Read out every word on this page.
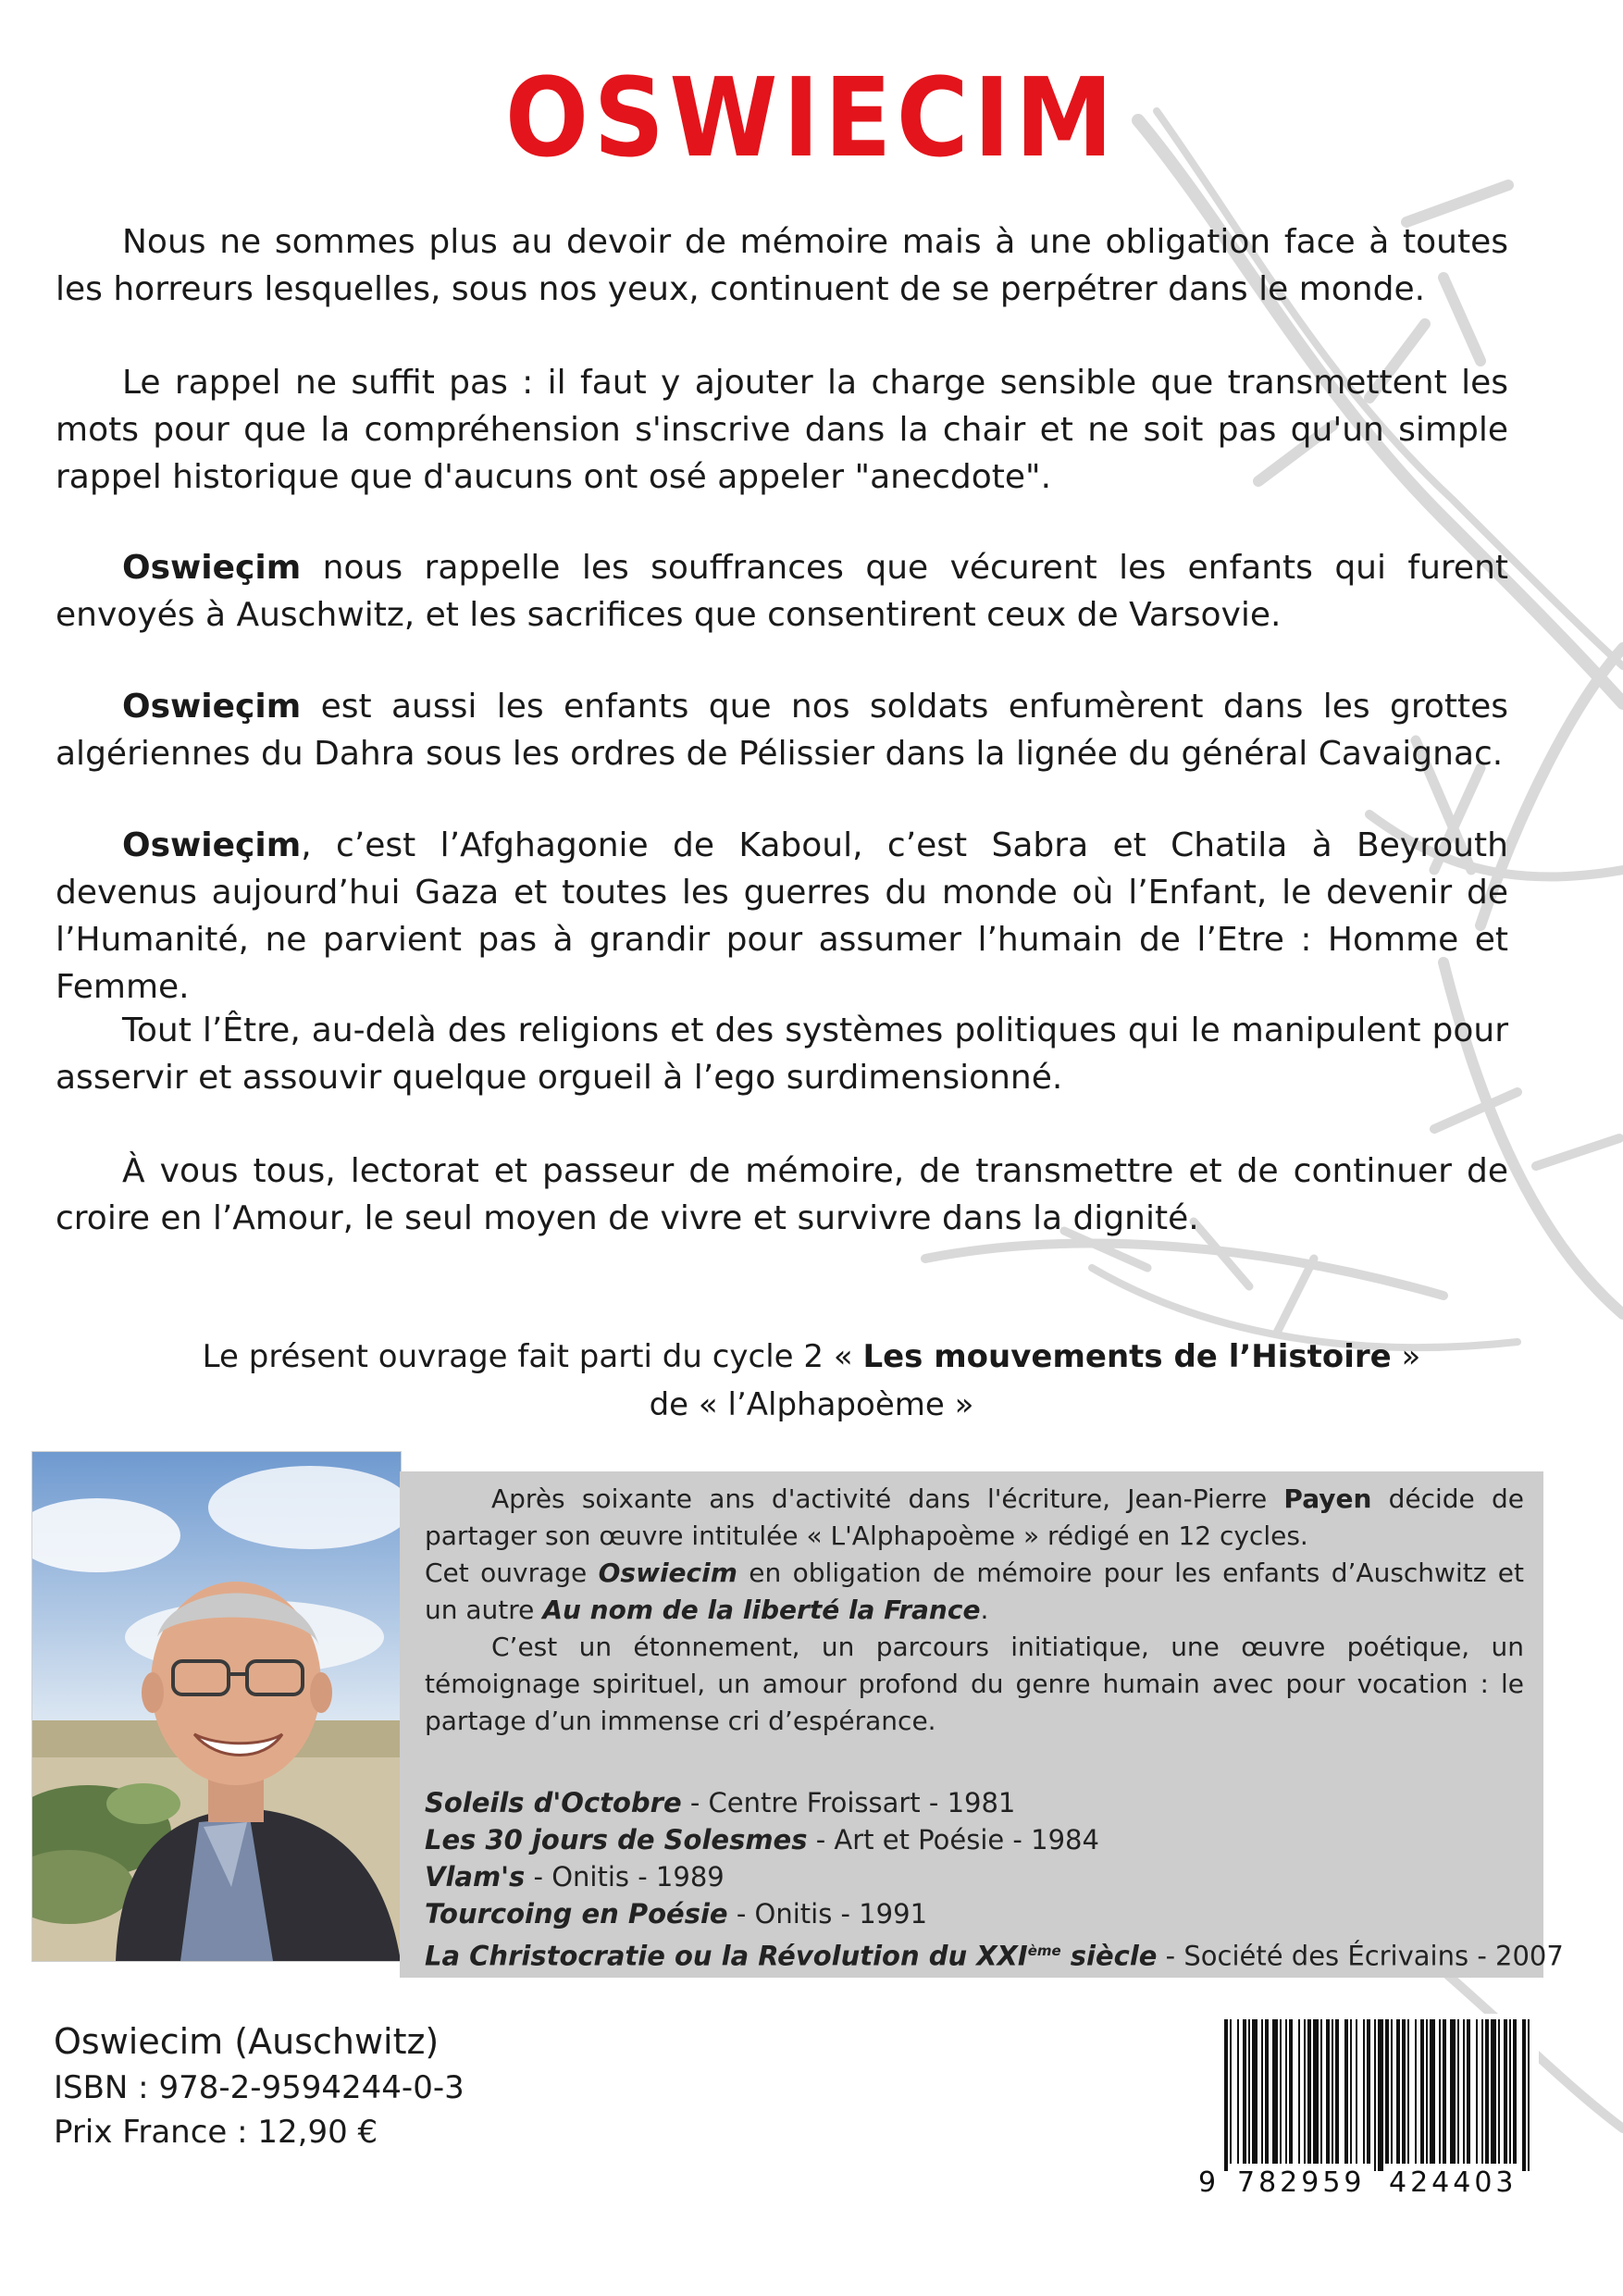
OSWIECIM

Nous ne sommes plus au devoir de mémoire mais à une obligation face à toutes les horreurs lesquelles, sous nos yeux, continuent de se perpétrer dans le monde.

Le rappel ne suffit pas : il faut y ajouter la charge sensible que transmettent les mots pour que la compréhension s'inscrive dans la chair et ne soit pas qu'un simple rappel historique que d'aucuns ont osé appeler "anecdote".

Oswieçim nous rappelle les souffrances que vécurent les enfants qui furent envoyés à Auschwitz, et les sacrifices que consentirent ceux de Varsovie.

Oswieçim est aussi les enfants que nos soldats enfumèrent dans les grottes algériennes du Dahra sous les ordres de Pélissier dans la lignée du général Cavaignac.

Oswieçim, c’est l’Afghagonie de Kaboul, c’est Sabra et Chatila à Beyrouth devenus aujourd’hui Gaza et toutes les guerres du monde où l’Enfant, le devenir de l’Humanité, ne parvient pas à grandir pour assumer l’humain de l’Etre : Homme et Femme.

Tout l’Être, au-delà des religions et des systèmes politiques qui le manipulent pour asservir et assouvir quelque orgueil à l’ego surdimensionné.

À vous tous, lectorat et passeur de mémoire, de transmettre et de continuer de croire en l’Amour, le seul moyen de vivre et survivre dans la dignité.

Le présent ouvrage fait parti du cycle 2 « Les mouvements de l’Histoire »

de « l’Alphapoème »

Après soixante ans d'activité dans l'écriture, Jean-Pierre Payen décide de partager son œuvre intitulée « L'Alphapoème » rédigé en 12 cycles.

Cet ouvrage Oswiecim en obligation de mémoire pour les enfants d’Auschwitz et un autre Au nom de la liberté la France.

C’est un étonnement, un parcours initiatique, une œuvre poétique, un témoignage spirituel, un amour profond du genre humain avec pour vocation : le partage d’un immense cri d’espérance.

Soleils d'Octobre - Centre Froissart - 1981
Les 30 jours de Solesmes - Art et Poésie - 1984
Vlam's - Onitis - 1989
Tourcoing en Poésie - Onitis - 1991
La Christocratie ou la Révolution du XXIème siècle - Société des Écrivains - 2007
Oswiecim (Auschwitz)
ISBN : 978-2-9594244-0-3
Prix France : 12,90 €
9 782959 424403
